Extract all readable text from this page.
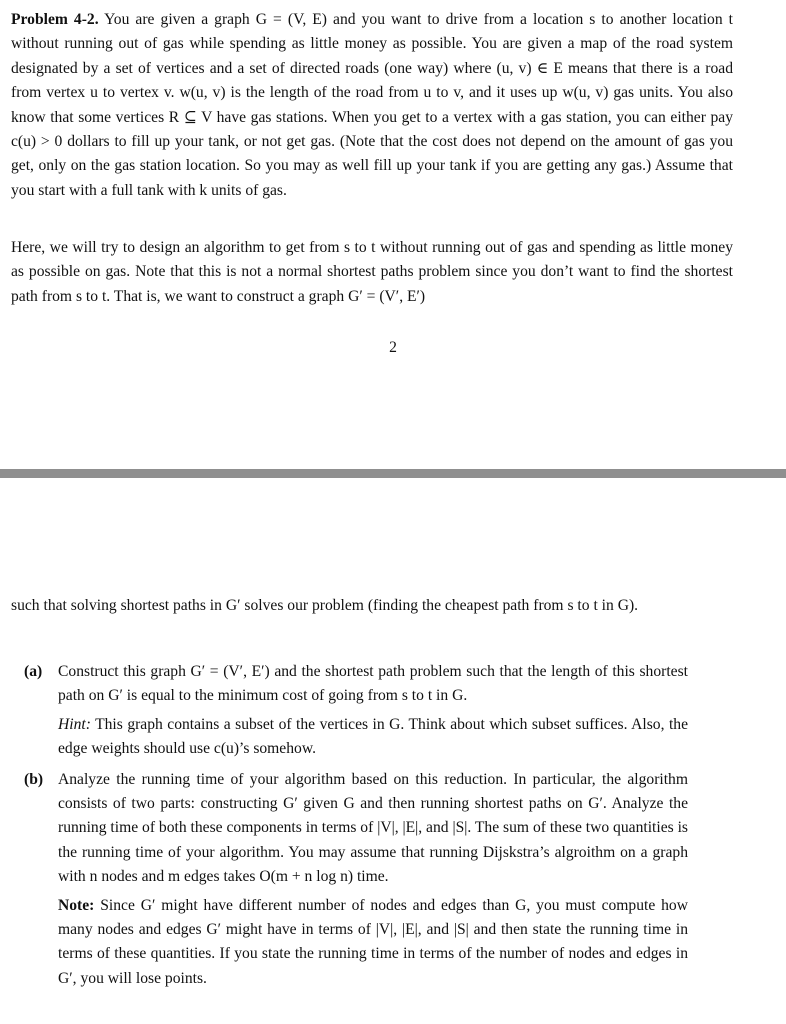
Problem 4-2. You are given a graph G = (V, E) and you want to drive from a location s to another location t without running out of gas while spending as little money as possible. You are given a map of the road system designated by a set of vertices and a set of directed roads (one way) where (u, v) ∈ E means that there is a road from vertex u to vertex v. w(u, v) is the length of the road from u to v, and it uses up w(u, v) gas units. You also know that some vertices R ⊆ V have gas stations. When you get to a vertex with a gas station, you can either pay c(u) > 0 dollars to fill up your tank, or not get gas. (Note that the cost does not depend on the amount of gas you get, only on the gas station location. So you may as well fill up your tank if you are getting any gas.) Assume that you start with a full tank with k units of gas.

Here, we will try to design an algorithm to get from s to t without running out of gas and spending as little money as possible on gas. Note that this is not a normal shortest paths problem since you don’t want to find the shortest path from s to t. That is, we want to construct a graph G′ = (V′, E′)

2

such that solving shortest paths in G′ solves our problem (finding the cheapest path from s to t in G).

(a)	Construct this graph G′ = (V′, E′) and the shortest path problem such that the length of this shortest path on G′ is equal to the minimum cost of going from s to t in G.

Hint: This graph contains a subset of the vertices in G. Think about which subset suffices. Also, the edge weights should use c(u)’s somehow.

(b) Analyze the running time of your algorithm based on this reduction. In particular, the algorithm consists of two parts: constructing G′ given G and then running shortest paths on G′. Analyze the running time of both these components in terms of |V|, |E|, and |S|. The sum of these two quantities is the running time of your algorithm. You may assume that running Dijskstra’s algroithm on a graph with n nodes and m edges takes O(m + n log n) time.

Note: Since G′ might have different number of nodes and edges than G, you must compute how many nodes and edges G′ might have in terms of |V|, |E|, and |S| and then state the running time in terms of these quantities. If you state the running time in terms of the number of nodes and edges in G′, you will lose points.
